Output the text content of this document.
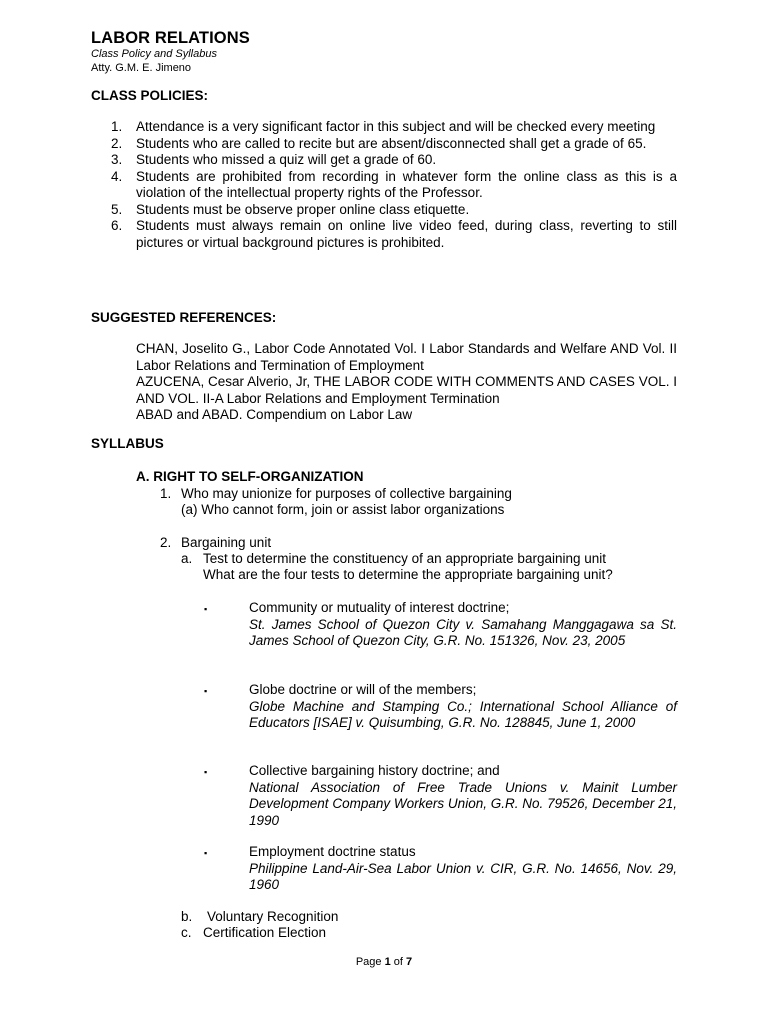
LABOR RELATIONS
Class Policy and Syllabus
Atty. G.M. E. Jimeno
CLASS POLICIES:
1. Attendance is a very significant factor in this subject and will be checked every meeting
2. Students who are called to recite but are absent/disconnected shall get a grade of 65.
3. Students who missed a quiz will get a grade of 60.
4. Students are prohibited from recording in whatever form the online class as this is a violation of the intellectual property rights of the Professor.
5. Students must be observe proper online class etiquette.
6. Students must always remain on online live video feed, during class, reverting to still pictures or virtual background pictures is prohibited.
SUGGESTED REFERENCES:
CHAN, Joselito G., Labor Code Annotated Vol. I Labor Standards and Welfare AND Vol. II Labor Relations and Termination of Employment
AZUCENA, Cesar Alverio, Jr, THE LABOR CODE WITH COMMENTS AND CASES VOL. I AND VOL. II-A Labor Relations and Employment Termination
ABAD and ABAD. Compendium on Labor Law
SYLLABUS
A. RIGHT TO SELF-ORGANIZATION
1. Who may unionize for purposes of collective bargaining
(a) Who cannot form, join or assist labor organizations
2. Bargaining unit
a. Test to determine the constituency of an appropriate bargaining unit
What are the four tests to determine the appropriate bargaining unit?
▪	Community or mutuality of interest doctrine;
St. James School of Quezon City v. Samahang Manggagawa sa St. James School of Quezon City, G.R. No. 151326, Nov. 23, 2005
▪	Globe doctrine or will of the members;
Globe Machine and Stamping Co.; International School Alliance of Educators [ISAE] v. Quisumbing, G.R. No. 128845, June 1, 2000
▪	Collective bargaining history doctrine; and
National Association of Free Trade Unions v. Mainit Lumber Development Company Workers Union, G.R. No. 79526, December 21, 1990
▪	Employment doctrine status
Philippine Land-Air-Sea Labor Union v. CIR, G.R. No. 14656, Nov. 29, 1960
b. Voluntary Recognition
c. Certification Election
Page 1 of 7
